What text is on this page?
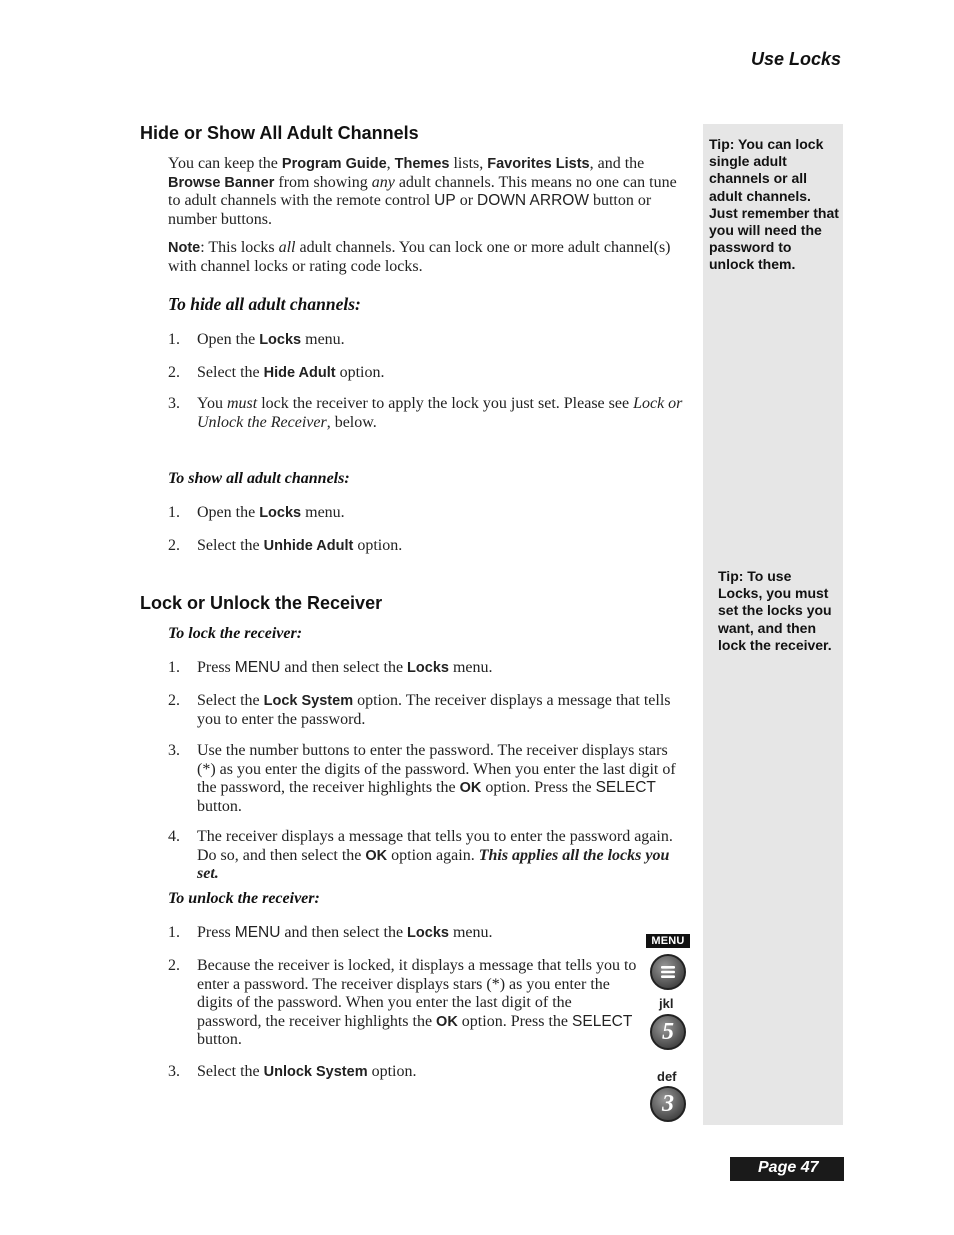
Use Locks
Tip: You can lock single adult channels or all adult channels. Just remember that you will need the password to unlock them.
Tip: To use Locks, you must set the locks you want, and then lock the receiver.
Hide or Show All Adult Channels
You can keep the Program Guide, Themes lists, Favorites Lists, and the Browse Banner from showing any adult channels. This means no one can tune to adult channels with the remote control UP or DOWN ARROW button or number buttons.
Note: This locks all adult channels. You can lock one or more adult channel(s) with channel locks or rating code locks.
To hide all adult channels:
1. Open the Locks menu.
2. Select the Hide Adult option.
3. You must lock the receiver to apply the lock you just set. Please see Lock or Unlock the Receiver, below.
To show all adult channels:
1. Open the Locks menu.
2. Select the Unhide Adult option.
Lock or Unlock the Receiver
To lock the receiver:
1. Press MENU and then select the Locks menu.
2. Select the Lock System option. The receiver displays a message that tells you to enter the password.
3. Use the number buttons to enter the password. The receiver displays stars (*) as you enter the digits of the password. When you enter the last digit of the password, the receiver highlights the OK option. Press the SELECT button.
4. The receiver displays a message that tells you to enter the password again. Do so, and then select the OK option again. This applies all the locks you set.
To unlock the receiver:
1. Press MENU and then select the Locks menu.
2. Because the receiver is locked, it displays a message that tells you to enter a password. The receiver displays stars (*) as you enter the digits of the password. When you enter the last digit of the password, the receiver highlights the OK option. Press the SELECT button.
3. Select the Unlock System option.
MENU
jkl
5
def
3
Page 47
